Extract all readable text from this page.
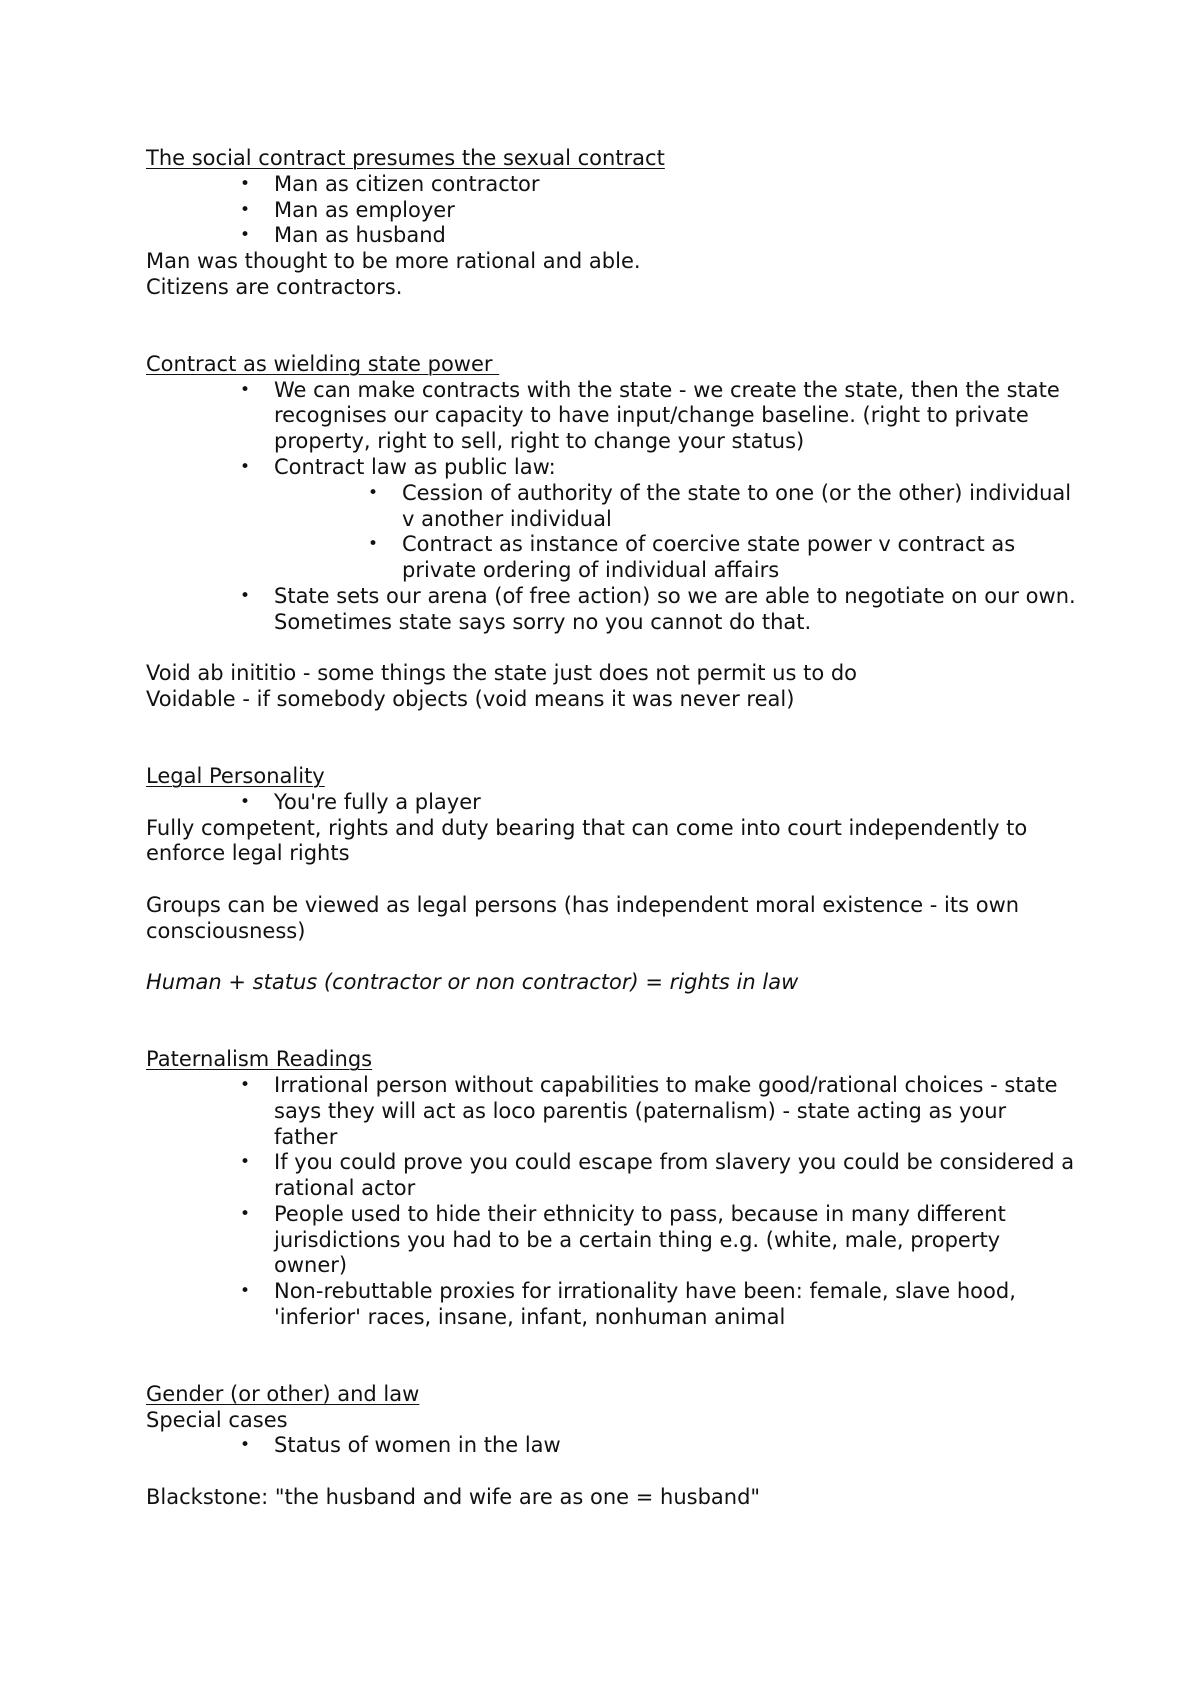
The social contract presumes the sexual contract

• Man as citizen contractor
• Man as employer
• Man as husband

Man was thought to be more rational and able.

Citizens are contractors.

Contract as wielding state power

• We can make contracts with the state - we create the state, then the state recognises our capacity to have input/change baseline. (right to private property, right to sell, right to change your status)
• Contract law as public law:
• Cession of authority of the state to one (or the other) individual v another individual
• Contract as instance of coercive state power v contract as private ordering of individual affairs
• State sets our arena (of free action) so we are able to negotiate on our own. Sometimes state says sorry no you cannot do that.

Void ab inititio - some things the state just does not permit us to do

Voidable - if somebody objects (void means it was never real)

Legal Personality

• You're fully a player

Fully competent, rights and duty bearing that can come into court independently to enforce legal rights

Groups can be viewed as legal persons (has independent moral existence - its own consciousness)

Human + status (contractor or non contractor) = rights in law

Paternalism Readings

• Irrational person without capabilities to make good/rational choices - state says they will act as loco parentis (paternalism) - state acting as your father
• If you could prove you could escape from slavery you could be considered a rational actor
• People used to hide their ethnicity to pass, because in many different jurisdictions you had to be a certain thing e.g. (white, male, property owner)
• Non-rebuttable proxies for irrationality have been: female, slave hood, 'inferior' races, insane, infant, nonhuman animal

Gender (or other) and law

Special cases

• Status of women in the law

Blackstone: "the husband and wife are as one = husband"
